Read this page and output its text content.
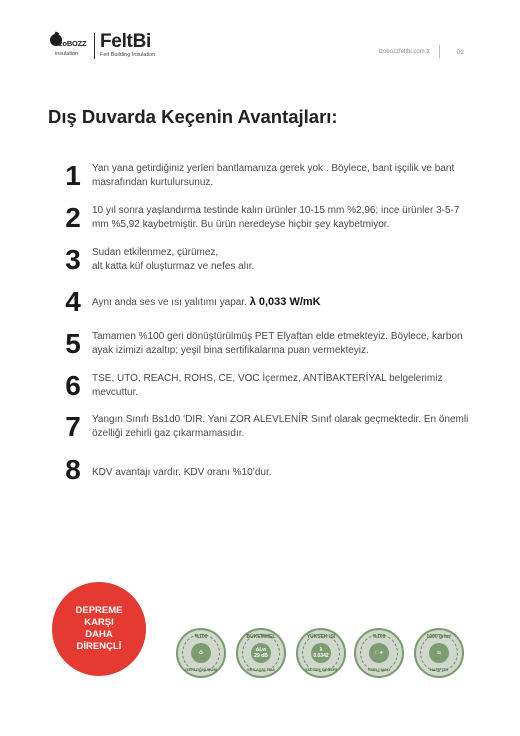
izoBOZZ
insulation
FeltBi
Felt Building Insulation	izobozzfeltbi.com.tr	02
Dış Duvarda Keçenin Avantajları:
1	Yan yana getirdiğiniz yerleri bantlamanıza gerek yok . Böylece, bant işçilik ve bant masrafından kurtulursunuz.
2	10 yıl sonra yaşlandırma testinde kalın ürünler 10-15 mm %2,96; ince ürünler 3-5-7 mm %5,92 kaybetmiştir. Bu ürün neredeyse hiçbir şey kaybetmiyor.
3	Sudan etkilenmez, çürümez,
alt katta küf oluşturmaz ve nefes alır.
4	Aynı anda ses ve ısı yalıtımı yapar. λ 0,033 W/mK
5	Tamamen %100 geri dönüştürülmüş PET Elyaftan elde etmekteyiz. Böylece, karbon ayak izimizi azaltıp; yeşil bina sertifikalarına puan vermekteyiz.
6	TSE, UTO, REACH, ROHS, CE, VOC İçermez, ANTİBAKTERİYAL belgelerimiz mevcuttur.
7	Yangın Sınıfı Bs1d0 ‘DIR. Yani ZOR ALEVLENİR Sınıf olarak geçmektedir. En önemli özelliği zehirli gaz çıkarmamasıdır.
8	KDV avantajı vardır. KDV oranı %10’dur.
DEPREME
KARŞI
DAHA
DİRENÇLİ
%100
♻
GERİ DÖNÜŞÜM
BÜKEMMEL
ΔLw
29 dB
SES AZALTMA
YÜKSEK ISI
λ
0.0342
YALITIM DEĞERİ
%100
☾★
YERLİ MALI
1000 gr/m²
⚖
HAFİFTİR
